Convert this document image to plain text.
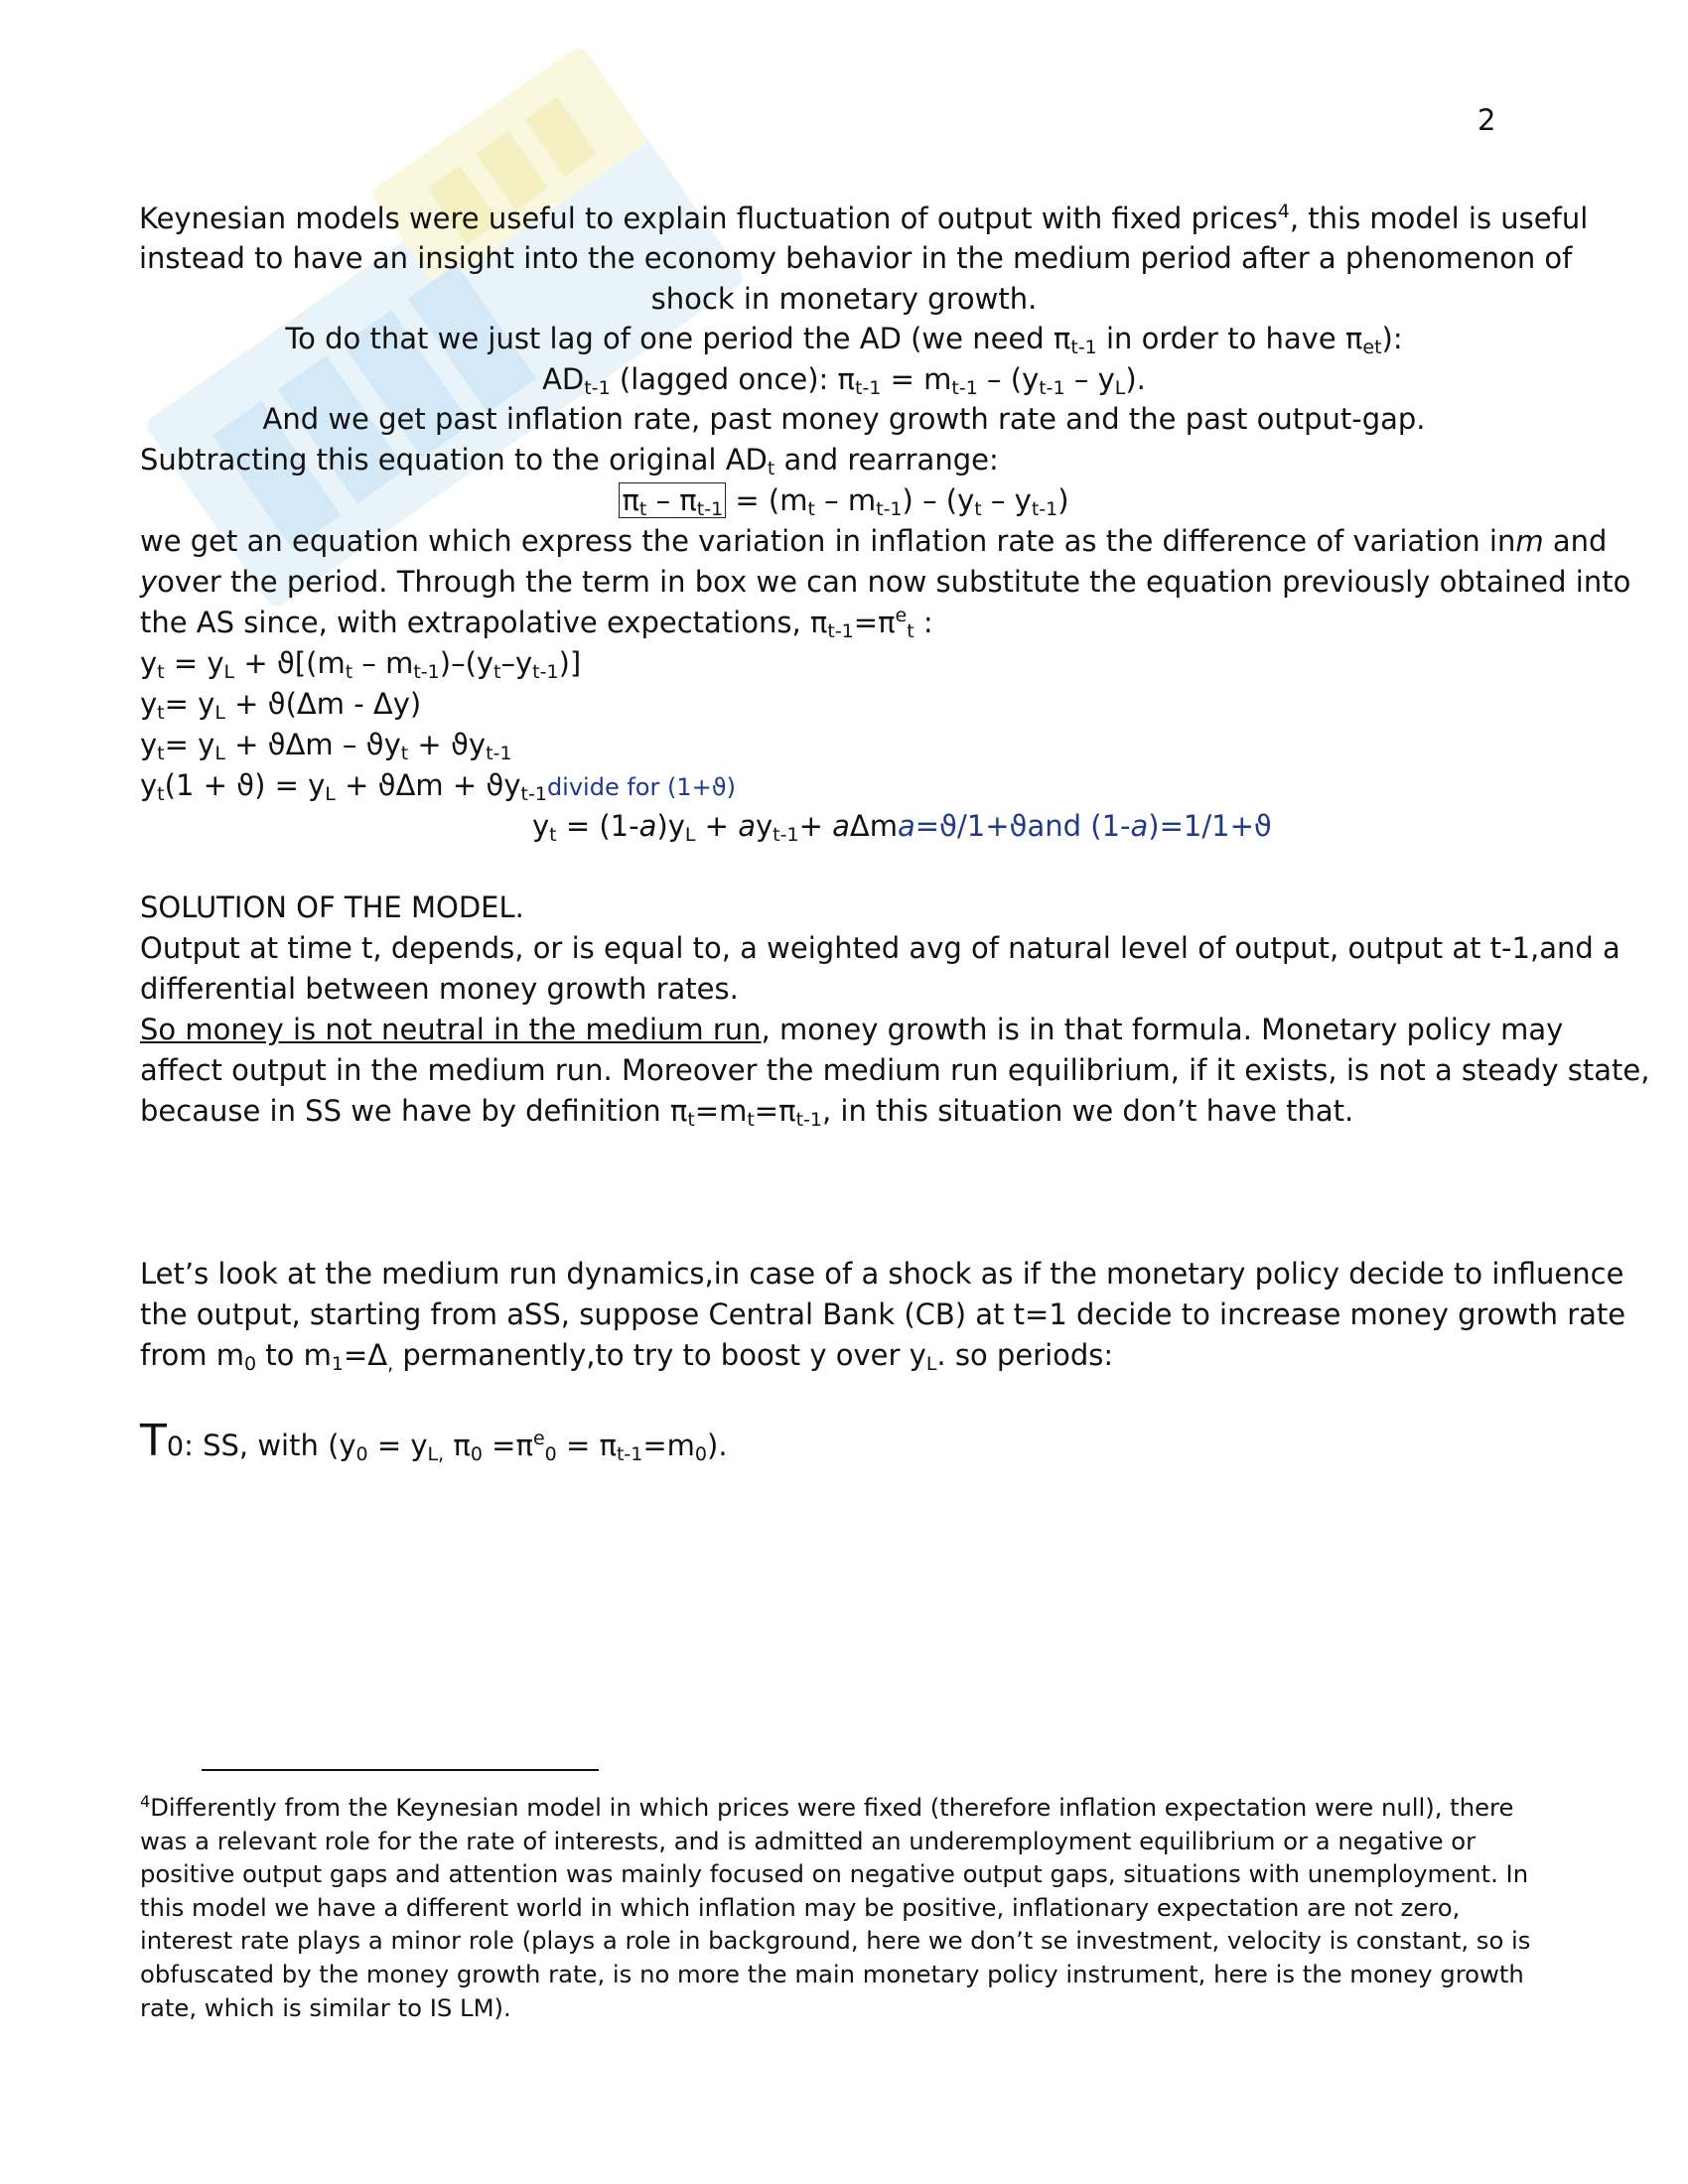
2
Keynesian models were useful to explain fluctuation of output with fixed prices$^4$, this model is useful
instead to have an insight into the economy behavior in the medium period after a phenomenon of
shock in monetary growth.
To do that we just lag of one period the AD (we need $\pi_{t-1}$ in order to have $\pi_{et}$):
$AD_{t-1}$ (lagged once): $\pi_{t-1} = m_{t-1} - (y_{t-1} - y_L)$.
And we get past inflation rate, past money growth rate and the past output-gap.
Subtracting this equation to the original $AD_t$ and rearrange:
$\pi_t - \pi_{t-1} = (m_t - m_{t-1}) - (y_t - y_{t-1})$
we get an equation which express the variation in inflation rate as the difference of variation inm and
yover the period. Through the term in box we can now substitute the equation previously obtained into
the AS since, with extrapolative expectations, $\pi_{t-1}=\pi^e_t$ :
$y_t = y_L + ϑ[(m_t - m_{t-1})-(y_t-y_{t-1})]$
$y_t= y_L + ϑ(\Delta m - \Delta y)$
$y_t= y_L + ϑ\Delta m - ϑy_t + ϑy_{t-1}$
$y_t(1 + ϑ) = y_L + ϑ\Delta m$ + $ϑy_{t-1}divide$ for (1+ϑ)
$y_t = (1-a)y_L + ay_{t-1}+ a\Delta ma=ϑ/1+ϑand$ (1-a)=1/1+ϑ
SOLUTION OF THE MODEL.
Output at time t, depends, or is equal to, a weighted avg of natural level of output, output at t-1,and a
differential between money growth rates.
So money is not neutral in the medium run, money growth is in that formula. Monetary policy may
affect output in the medium run. Moreover the medium run equilibrium, if it exists, is not a steady state,
because in SS we have by definition $\pi_t=m_t=\pi_{t-1}$, in this situation we don’t have that.
Let’s look at the medium run dynamics,in case of a shock as if the monetary policy decide to influence
the output, starting from aSS, suppose Central Bank (CB) at t=1 decide to increase money growth rate
from $m_0$ to $m_1=\Delta_,$ permanently,to try to boost y over $y_L$. so periods:
T0: SS, with ($y_0 = y_{L,}$ $\pi_0 =\pi^e_0 = \pi_{t-1}=m_0$).
$^4$Differently from the Keynesian model in which prices were fixed (therefore inflation expectation were null), there was a relevant role for the rate of interests, and is admitted an underemployment equilibrium or a negative or positive output gaps and attention was mainly focused on negative output gaps, situations with unemployment. In this model we have a different world in which inflation may be positive, inflationary expectation are not zero, interest rate plays a minor role (plays a role in background, here we don’t se investment, velocity is constant, so is obfuscated by the money growth rate, is no more the main monetary policy instrument, here is the money growth rate, which is similar to IS LM).
